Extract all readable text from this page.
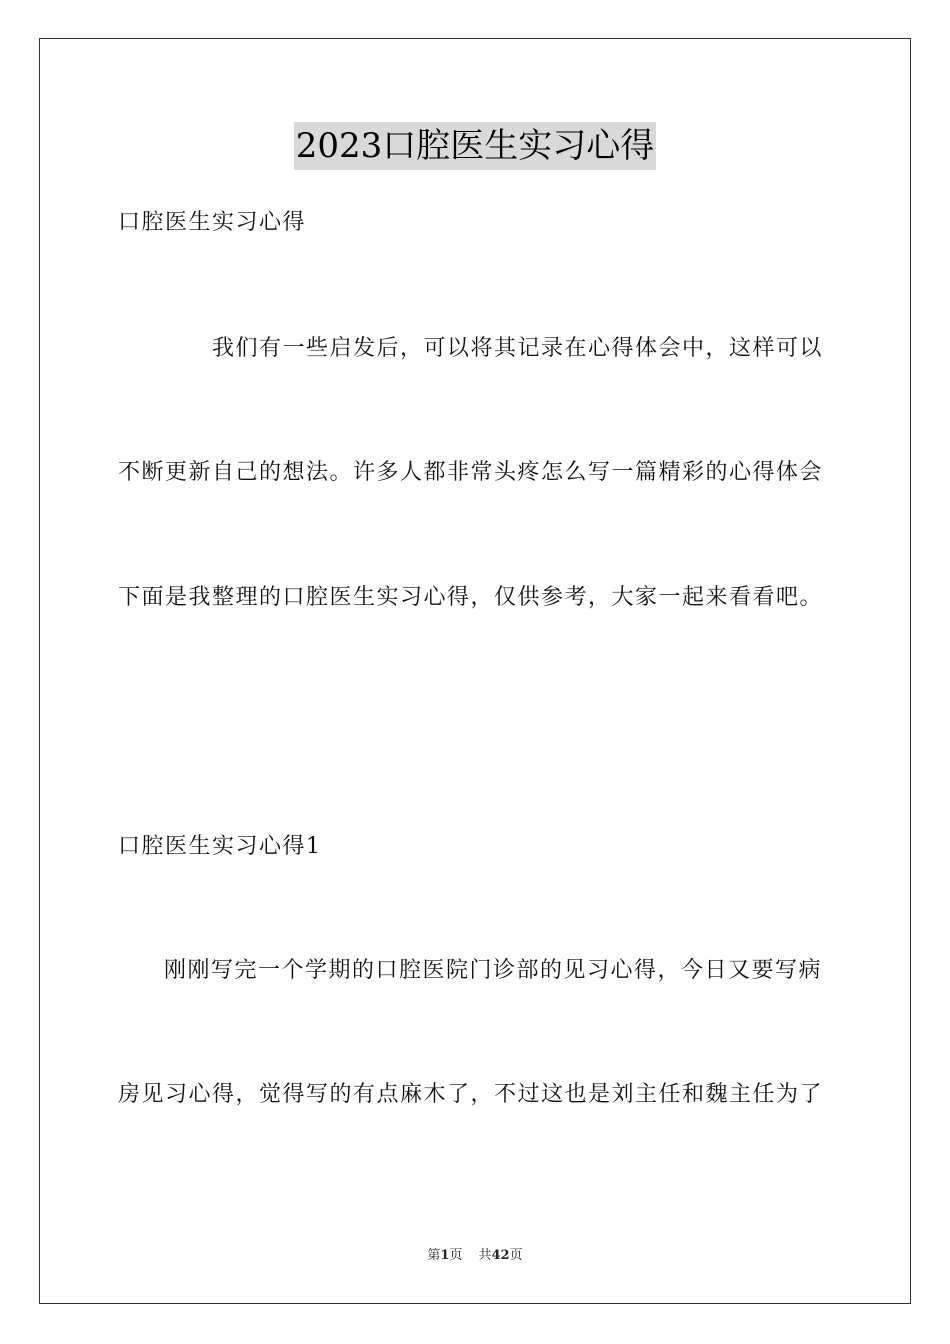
2023口腔医生实习心得
口腔医生实习心得
我们有一些启发后，可以将其记录在心得体会中，这样可以
不断更新自己的想法。许多人都非常头疼怎么写一篇精彩的心得体会
下面是我整理的口腔医生实习心得，仅供参考，大家一起来看看吧。
口腔医生实习心得1
刚刚写完一个学期的口腔医院门诊部的见习心得，今日又要写病
房见习心得，觉得写的有点麻木了，不过这也是刘主任和魏主任为了
第1页 共42页
